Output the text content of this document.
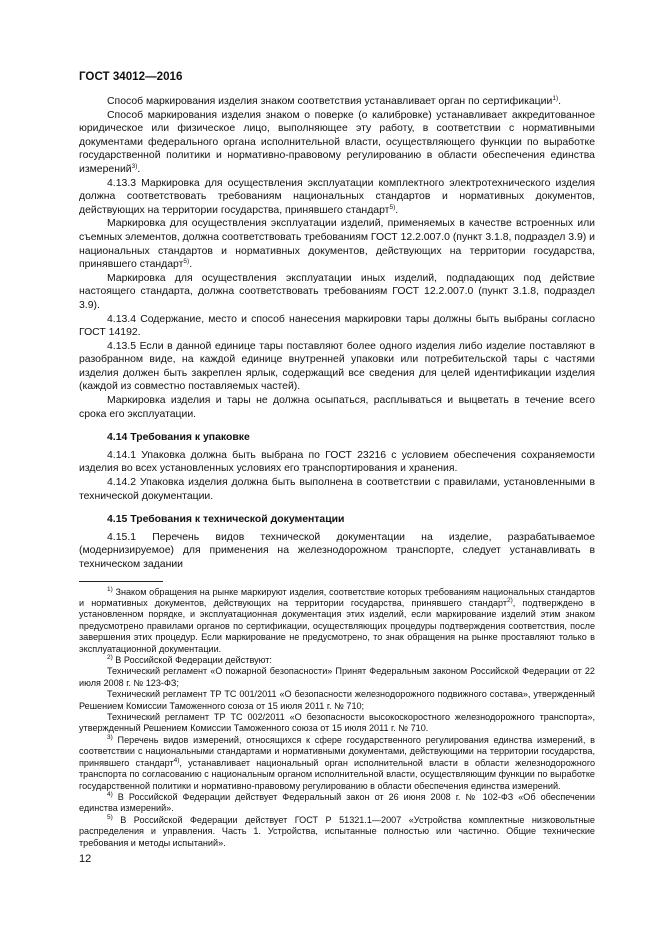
ГОСТ 34012—2016
Способ маркирования изделия знаком соответствия устанавливает орган по сертификации$^{1)}$.
Способ маркирования изделия знаком о поверке (о калибровке) устанавливает аккредитованное юридическое или физическое лицо, выполняющее эту работу, в соответствии с нормативными документами федерального органа исполнительной власти, осуществляющего функции по выработке государственной политики и нормативно-правовому регулированию в области обеспечения единства измерений$^{3)}$.
4.13.3 Маркировка для осуществления эксплуатации комплектного электротехнического изделия должна соответствовать требованиям национальных стандартов и нормативных документов, действующих на территории государства, принявшего стандарт$^{5)}$.
Маркировка для осуществления эксплуатации изделий, применяемых в качестве встроенных или съемных элементов, должна соответствовать требованиям ГОСТ 12.2.007.0 (пункт 3.1.8, подраздел 3.9) и национальных стандартов и нормативных документов, действующих на территории государства, принявшего стандарт$^{5)}$.
Маркировка для осуществления эксплуатации иных изделий, подпадающих под действие настоящего стандарта, должна соответствовать требованиям ГОСТ 12.2.007.0 (пункт 3.1.8, подраздел 3.9).
4.13.4 Содержание, место и способ нанесения маркировки тары должны быть выбраны согласно ГОСТ 14192.
4.13.5 Если в данной единице тары поставляют более одного изделия либо изделие поставляют в разобранном виде, на каждой единице внутренней упаковки или потребительской тары с частями изделия должен быть закреплен ярлык, содержащий все сведения для целей идентификации изделия (каждой из совместно поставляемых частей).
Маркировка изделия и тары не должна осыпаться, расплываться и выцветать в течение всего срока его эксплуатации.
4.14 Требования к упаковке
4.14.1 Упаковка должна быть выбрана по ГОСТ 23216 с условием обеспечения сохраняемости изделия во всех установленных условиях его транспортирования и хранения.
4.14.2 Упаковка изделия должна быть выполнена в соответствии с правилами, установленными в технической документации.
4.15 Требования к технической документации
4.15.1 Перечень видов технической документации на изделие, разрабатываемое (модернизируемое) для применения на железнодорожном транспорте, следует устанавливать в техническом задании
$^{1)}$ Знаком обращения на рынке маркируют изделия, соответствие которых требованиям национальных стандартов и нормативных документов, действующих на территории государства, принявшего стандарт$^{2)}$, подтверждено в установленном порядке, и эксплуатационная документация этих изделий, если маркирование изделий этим знаком предусмотрено правилами органов по сертификации, осуществляющих процедуры подтверждения соответствия, после завершения этих процедур. Если маркирование не предусмотрено, то знак обращения на рынке проставляют только в эксплуатационной документации.
$^{2)}$ В Российской Федерации действуют:
Технический регламент «О пожарной безопасности» Принят Федеральным законом Российской Федерации от 22 июля 2008 г. № 123-ФЗ;
Технический регламент ТР ТС 001/2011 «О безопасности железнодорожного подвижного состава», утвержденный Решением Комиссии Таможенного союза от 15 июля 2011 г. № 710;
Технический регламент ТР ТС 002/2011 «О безопасности высокоскоростного железнодорожного транспорта», утвержденный Решением Комиссии Таможенного союза от 15 июля 2011 г. № 710.
$^{3)}$ Перечень видов измерений, относящихся к сфере государственного регулирования единства измерений, в соответствии с национальными стандартами и нормативными документами, действующими на территории государства, принявшего стандарт$^{4)}$, устанавливает национальный орган исполнительной власти в области железнодорожного транспорта по согласованию с национальным органом исполнительной власти, осуществляющим функции по выработке государственной политики и нормативно-правовому регулированию в области обеспечения единства измерений.
$^{4)}$ В Российской Федерации действует Федеральный закон от 26 июня 2008 г. № 102-ФЗ «Об обеспечении единства измерений».
$^{5)}$ В Российской Федерации действует ГОСТ Р 51321.1—2007 «Устройства комплектные низковольтные распределения и управления. Часть 1. Устройства, испытанные полностью или частично. Общие технические требования и методы испытаний».
12
